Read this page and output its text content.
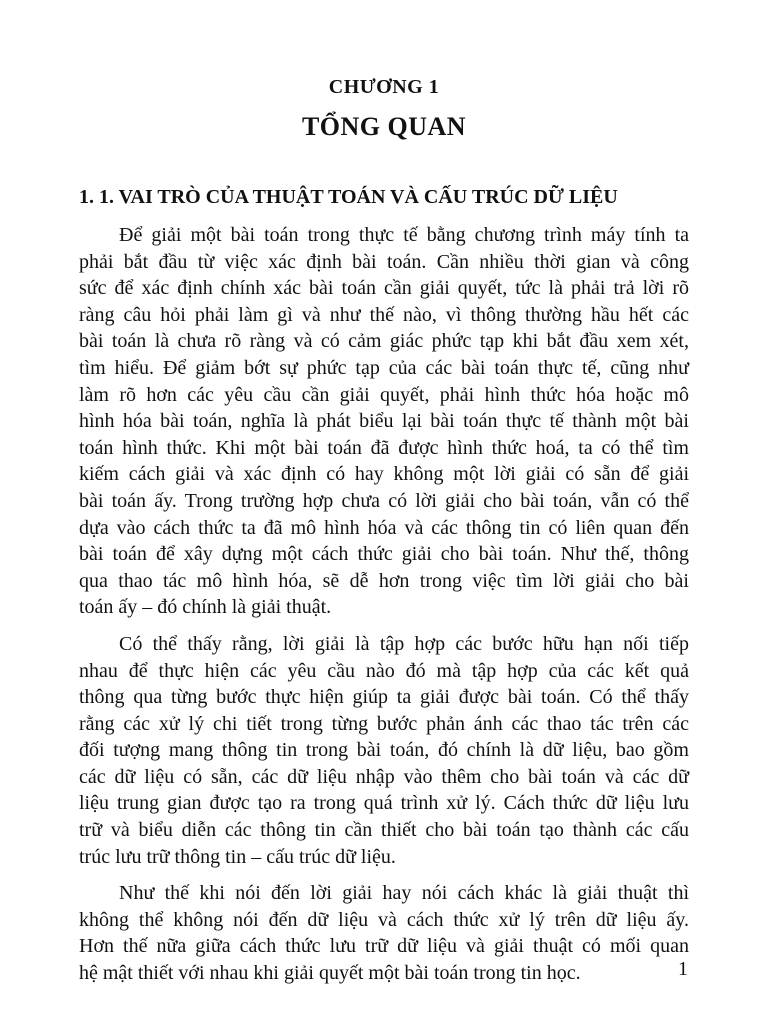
CHƯƠNG 1
TỔNG QUAN
1. 1. VAI TRÒ CỦA THUẬT TOÁN VÀ CẤU TRÚC DỮ LIỆU
Để giải một bài toán trong thực tế bằng chương trình máy tính ta
phải bắt đầu từ việc xác định bài toán. Cần nhiều thời gian và công
sức để xác định chính xác bài toán cần giải quyết, tức là phải trả lời rõ
ràng câu hỏi phải làm gì và như thế nào, vì thông thường hầu hết các
bài toán là chưa rõ ràng và có cảm giác phức tạp khi bắt đầu xem xét,
tìm hiểu. Để giảm bớt sự phức tạp của các bài toán thực tế, cũng như
làm rõ hơn các yêu cầu cần giải quyết, phải hình thức hóa hoặc mô
hình hóa bài toán, nghĩa là phát biểu lại bài toán thực tế thành một bài
toán hình thức. Khi một bài toán đã được hình thức hoá, ta có thể tìm
kiếm cách giải và xác định có hay không một lời giải có sẵn để giải
bài toán ấy. Trong trường hợp chưa có lời giải cho bài toán, vẫn có thể
dựa vào cách thức ta đã mô hình hóa và các thông tin có liên quan đến
bài toán để xây dựng một cách thức giải cho bài toán. Như thế, thông
qua thao tác mô hình hóa, sẽ dễ hơn trong việc tìm lời giải cho bài
toán ấy – đó chính là giải thuật.
Có thể thấy rằng, lời giải là tập hợp các bước hữu hạn nối tiếp
nhau để thực hiện các yêu cầu nào đó mà tập hợp của các kết quả
thông qua từng bước thực hiện giúp ta giải được bài toán. Có thể thấy
rằng các xử lý chi tiết trong từng bước phản ánh các thao tác trên các
đối tượng mang thông tin trong bài toán, đó chính là dữ liệu, bao gồm
các dữ liệu có sẵn, các dữ liệu nhập vào thêm cho bài toán và các dữ
liệu trung gian được tạo ra trong quá trình xử lý. Cách thức dữ liệu lưu
trữ và biểu diễn các thông tin cần thiết cho bài toán tạo thành các cấu
trúc lưu trữ thông tin – cấu trúc dữ liệu.
Như thế khi nói đến lời giải hay nói cách khác là giải thuật thì
không thể không nói đến dữ liệu và cách thức xử lý trên dữ liệu ấy.
Hơn thế nữa giữa cách thức lưu trữ dữ liệu và giải thuật có mối quan
hệ mật thiết với nhau khi giải quyết một bài toán trong tin học.	1
